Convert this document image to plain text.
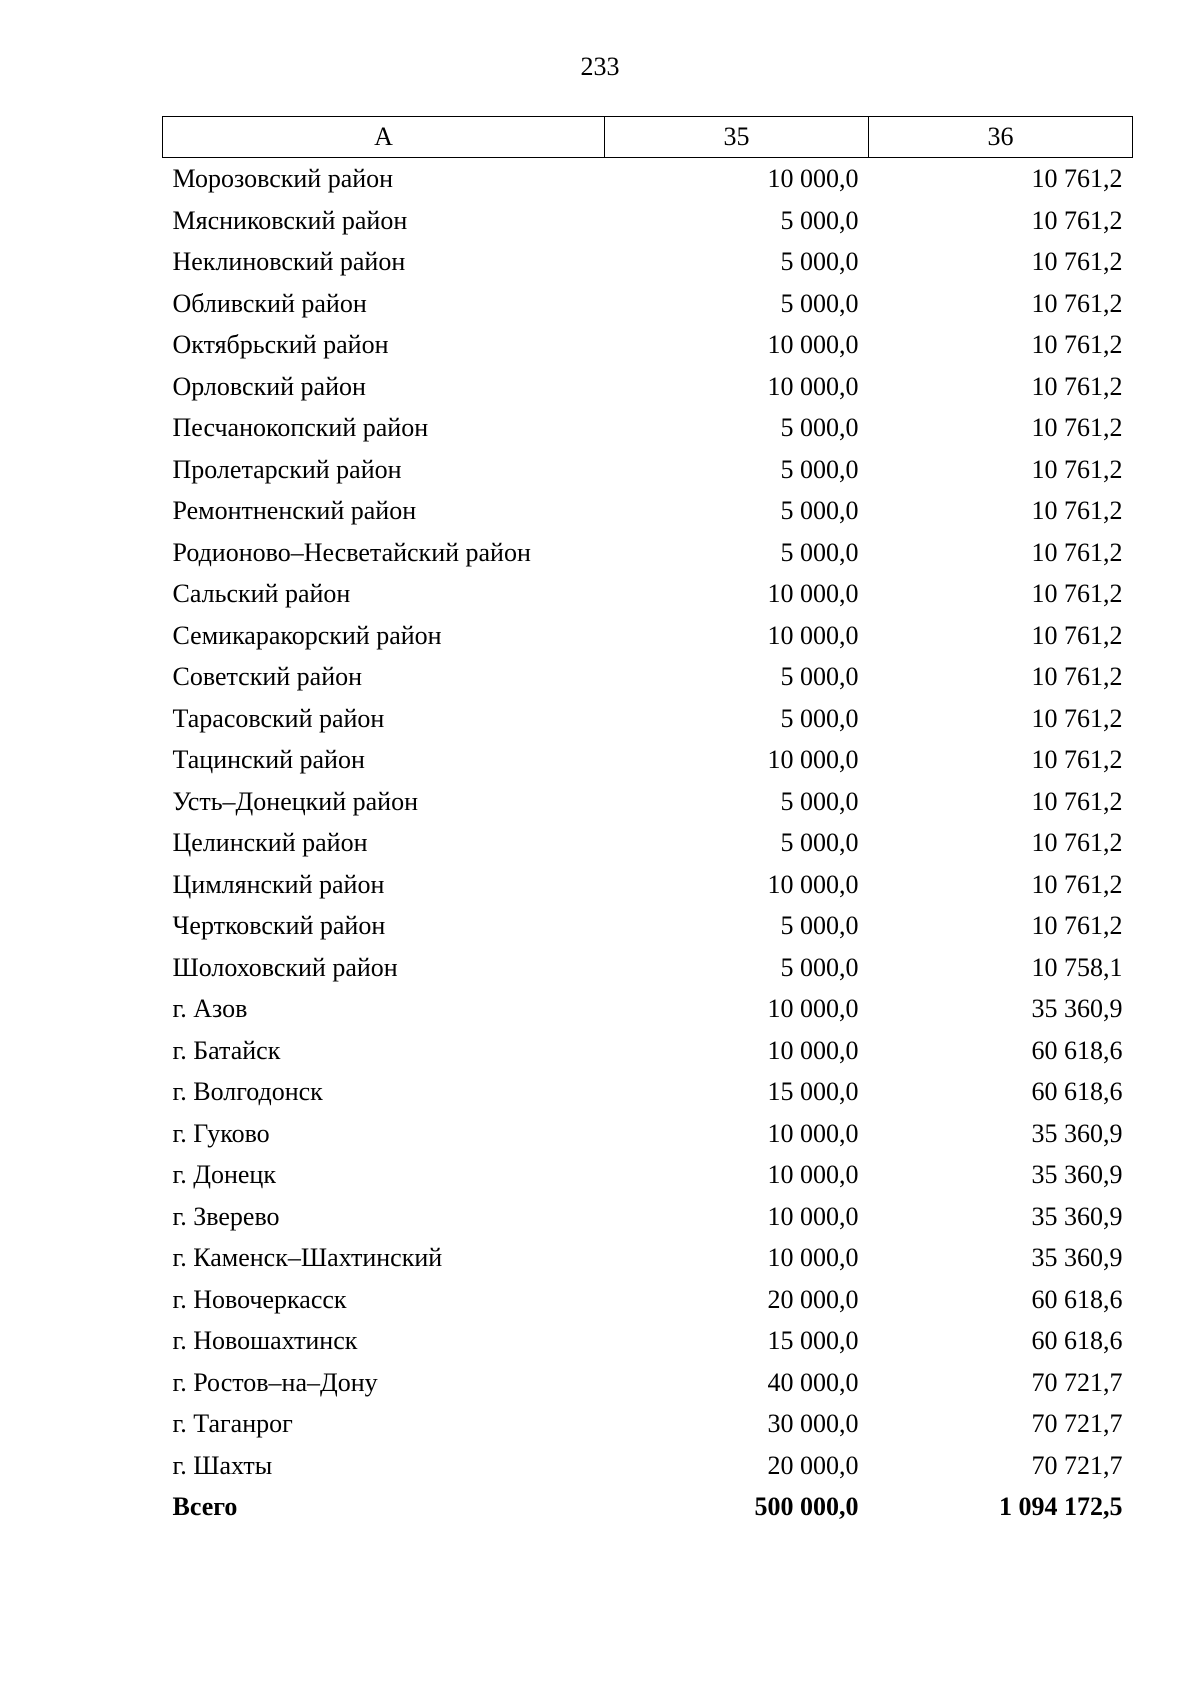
233
А	35	36
Морозовский район	10 000,0	10 761,2
Мясниковский район	5 000,0	10 761,2
Неклиновский район	5 000,0	10 761,2
Обливский район	5 000,0	10 761,2
Октябрьский район	10 000,0	10 761,2
Орловский район	10 000,0	10 761,2
Песчанокопский район	5 000,0	10 761,2
Пролетарский район	5 000,0	10 761,2
Ремонтненский район	5 000,0	10 761,2
Родионово–Несветайский район	5 000,0	10 761,2
Сальский район	10 000,0	10 761,2
Семикаракорский район	10 000,0	10 761,2
Советский район	5 000,0	10 761,2
Тарасовский район	5 000,0	10 761,2
Тацинский район	10 000,0	10 761,2
Усть–Донецкий район	5 000,0	10 761,2
Целинский район	5 000,0	10 761,2
Цимлянский район	10 000,0	10 761,2
Чертковский район	5 000,0	10 761,2
Шолоховский район	5 000,0	10 758,1
г. Азов	10 000,0	35 360,9
г. Батайск	10 000,0	60 618,6
г. Волгодонск	15 000,0	60 618,6
г. Гуково	10 000,0	35 360,9
г. Донецк	10 000,0	35 360,9
г. Зверево	10 000,0	35 360,9
г. Каменск–Шахтинский	10 000,0	35 360,9
г. Новочеркасск	20 000,0	60 618,6
г. Новошахтинск	15 000,0	60 618,6
г. Ростов–на–Дону	40 000,0	70 721,7
г. Таганрог	30 000,0	70 721,7
г. Шахты	20 000,0	70 721,7
Всего	500 000,0	1 094 172,5
